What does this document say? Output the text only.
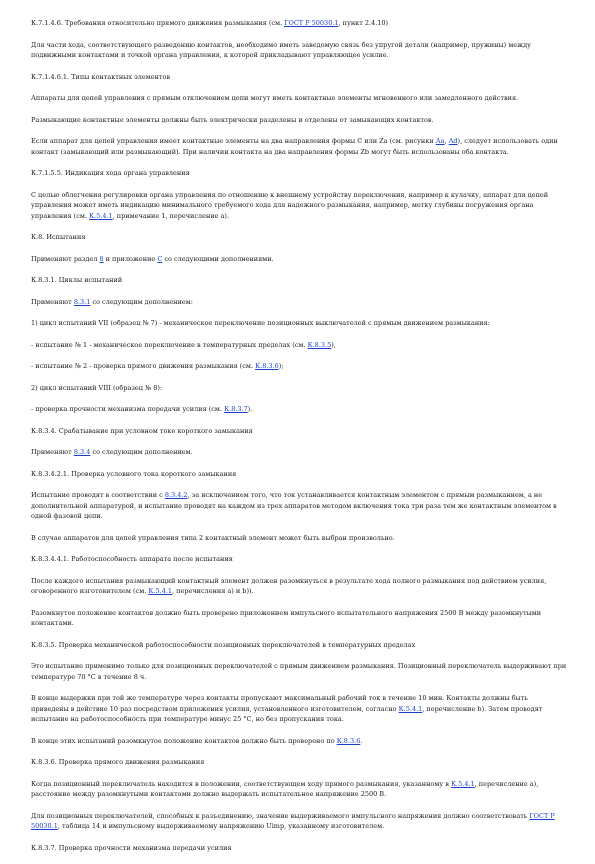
К.7.1.4.6. Требования относительно прямого движения размыкания (см. ГОСТ Р 50030.1, пункт 2.4.10)

Для части хода, соответствующего разведению контактов, необходимо иметь заведомую связь без упругой детали (например, пружины) между подвижными контактами и точкой органа управления, к которой прикладывают управляющее усилие.

К.7.1.4.6.1. Типы контактных элементов

Аппараты для цепей управления с прямым отключением цепи могут иметь контактные элементы мгновенного или замедленного действия.

Размыкающие контактные элементы должны быть электрически разделены и отделены от замыкающих контактов.

Если аппарат для цепей управления имеет контактные элементы на два направления формы С или Za (см. рисунки Аа, Ad), следует использовать один контакт (замыкающий или размыкающий). При наличии контакта на два направления формы Zb могут быть использованы оба контакта.

К.7.1.5.5. Индикация хода органа управления

С целью облегчения регулировки органа управления по отношению к внешнему устройству переключения, например к кулачку, аппарат для цепей управления может иметь индикацию минимального требуемого хода для надежного размыкания, например, метку глубины погружения органа управления (см. К.5.4.1, примечание 1, перечисление а).

К.8. Испытания

Применяют раздел 8 и приложение С со следующими дополнениями.

К.8.3.1. Циклы испытаний

Применяют 8.3.1 со следующим дополнением:

1) цикл испытаний VII (образец № 7) - механическое переключение позиционных выключателей с прямым движением размыкания:

- испытание № 1 - механическое переключение в температурных пределах (см. К.8.3.5),

- испытание № 2 - проверка прямого движения размыкания (см. К.8.3.6);

2) цикл испытаний VIII (образец № 8):

- проверка прочности механизма передачи усилия (см. К.8.3.7).

К.8.3.4. Срабатывание при условном токе короткого замыкания

Применяют 8.3.4 со следующим дополнением.

К.8.3.4.2.1. Проверка условного тока короткого замыкания

Испытание проводят в соответствии с 8.3.4.2, за исключением того, что ток устанавливается контактным элементом с прямым размыканием, а не дополнительной аппаратурой, и испытание проводят на каждом из трех аппаратов методом включения тока три раза тем же контактным элементом в одной фазовой цепи.

В случае аппаратов для цепей управления типа 2 контактный элемент может быть выбран произвольно.

К.8.3.4.4.1. Работоспособность аппарата после испытания

После каждого испытания размыкающий контактный элемент должен разомкнуться в результате хода полного размыкания под действием усилия, оговоренного изготовителем (см. К.5.4.1, перечисления а) и b)).

Разомкнутое положение контактов должно быть проверено приложением импульсного испытательного напряжения 2500 В между разомкнутыми контактами.

К.8.3.5. Проверка механической работоспособности позиционных переключателей в температурных пределах

Это испытание применимо только для позиционных переключателей с прямым движением размыкания. Позиционный переключатель выдерживают при температуре 70 °С в течение 8 ч.

В конце выдержки при той же температуре через контакты пропускают максимальный рабочий ток в течение 10 мин. Контакты должны быть приведены в действие 10 раз посредством приложения усилия, установленного изготовителем, согласно К.5.4.1, перечисление b). Затем проводят испытание на работоспособность при температуре минус 25 °С, но без пропускания тока.

В конце этих испытаний разомкнутое положение контактов должно быть проверено по К.8.3.6.

К.8.3.6. Проверка прямого движения размыкания

Когда позиционный переключатель находится в положении, соответствующем ходу прямого размыкания, указанному в К.5.4.1, перечисление а), расстояние между разомкнутыми контактами должно выдержать испытательное напряжение 2500 В.

Для позиционных переключателей, способных к разъединению, значение выдерживаемого импульсного напряжения должно соответствовать ГОСТ Р 50030.1, таблица 14 и импульсному выдерживаемому напряжению Uimp, указанному изготовителем.

К.8.3.7. Проверка прочности механизма передачи усилия
